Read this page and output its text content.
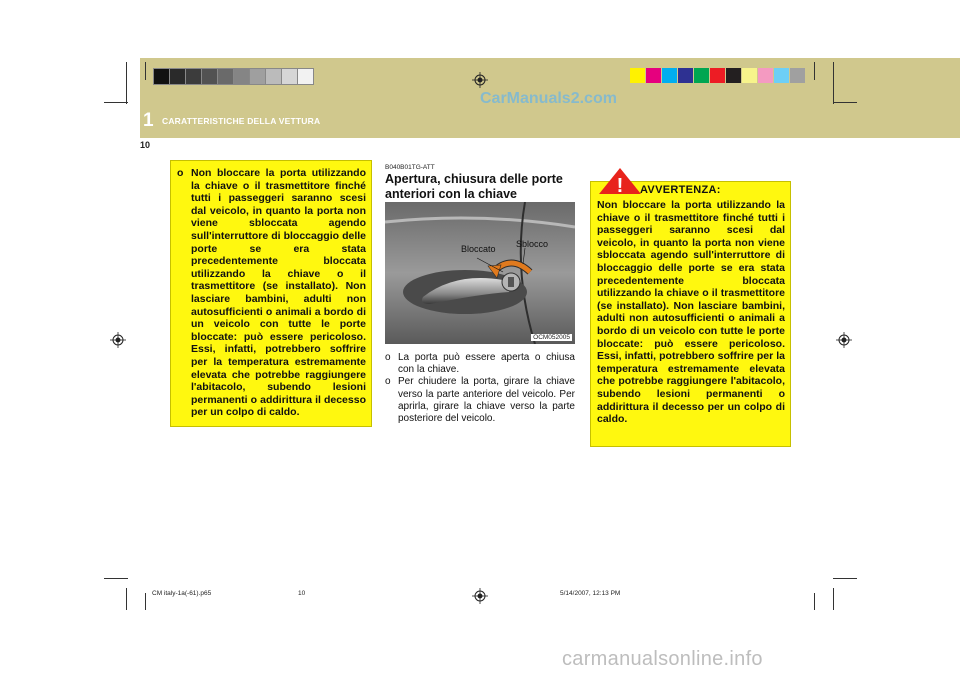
1 CARATTERISTICHE DELLA VETTURA
CarManuals2.com
10
o Non bloccare la porta utilizzando la chiave o il trasmettitore finché tutti i passeggeri saranno scesi dal veicolo, in quanto la porta non viene sbloccata agendo sull'interruttore di bloccaggio delle porte se era stata precedentemente bloccata utilizzando la chiave o il trasmettitore (se installato). Non lasciare bambini, adulti non autosufficienti o animali a bordo di un veicolo con tutte le porte bloccate: può essere pericoloso. Essi, infatti, potrebbero soffrire per la temperatura estremamente elevata che potrebbe raggiungere l'abitacolo, subendo lesioni permanenti o addirittura il decesso per un colpo di caldo.
B040B01TG-ATT
Apertura, chiusura delle porte anteriori con la chiave
Bloccato Sblocco
OCM052005
o La porta può essere aperta o chiusa con la chiave.
o Per chiudere la porta, girare la chiave verso la parte anteriore del veicolo. Per aprirla, girare la chiave verso la parte posteriore del veicolo.
Non bloccare la porta utilizzando la chiave o il trasmettitore finché tutti i passeggeri saranno scesi dal veicolo, in quanto la porta non viene sbloccata agendo sull'interruttore di bloccaggio delle porte se era stata precedentemente bloccata utilizzando la chiave o il trasmettitore (se installato). Non lasciare bambini, adulti non autosufficienti o animali a bordo di un veicolo con tutte le porte bloccate: può essere pericoloso. Essi, infatti, potrebbero soffrire per la temperatura estremamente elevata che potrebbe raggiungere l'abitacolo, subendo lesioni permanenti o addirittura il decesso per un colpo di caldo.
! AVVERTENZA:
CM italy-1a(-61).p65	10	5/14/2007, 12:13 PM
carmanualsonline.info
